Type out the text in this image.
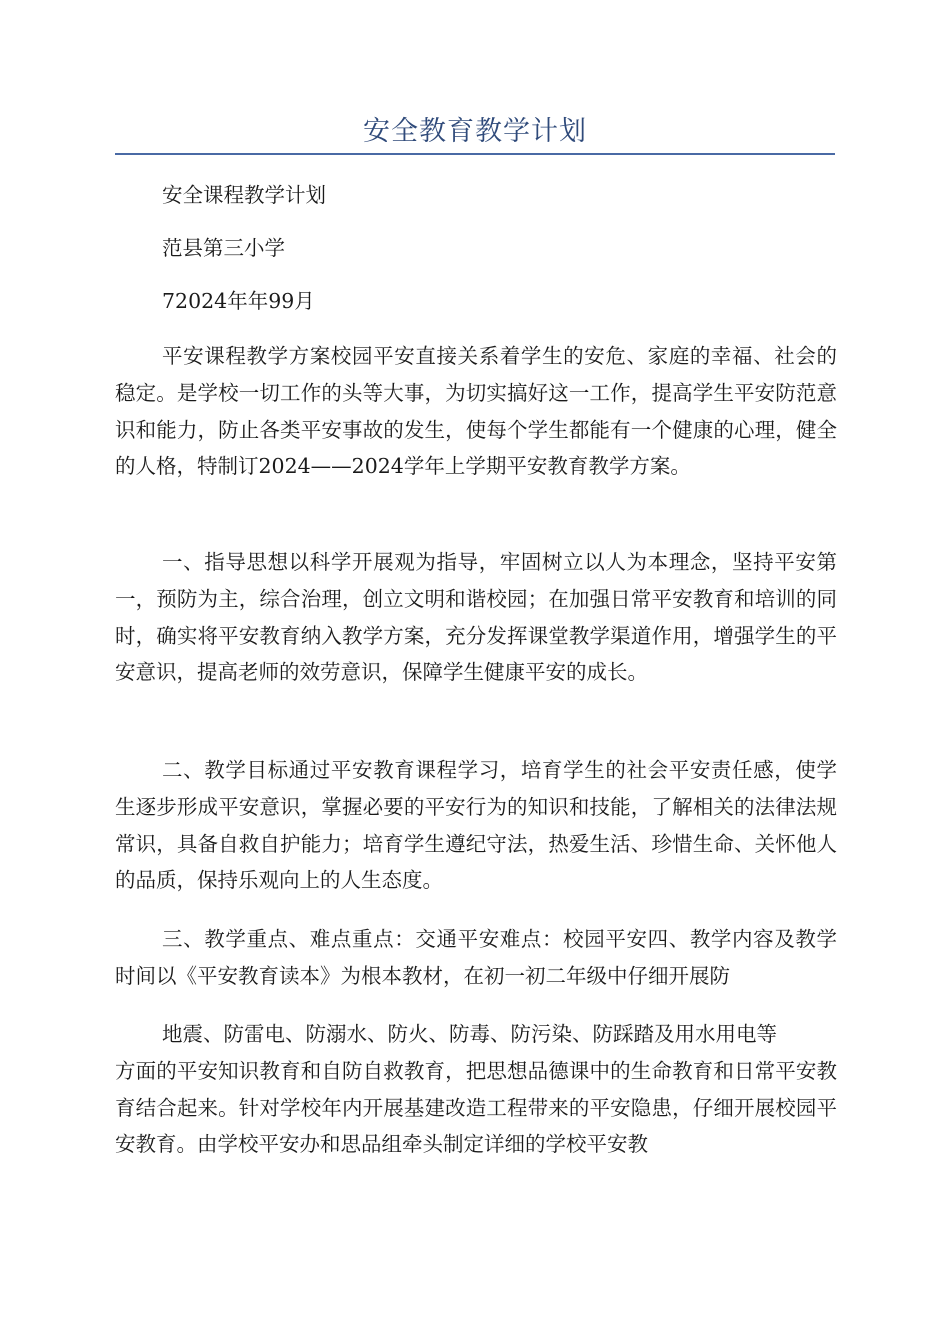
安全教育教学计划
安全课程教学计划
范县第三小学
72024年年99月

平安课程教学方案校园平安直接关系着学生的安危、家庭的幸福、社会的稳定。是学校一切工作的头等大事，为切实搞好这一工作，提高学生平安防范意识和能力，防止各类平安事故的发生，使每个学生都能有一个健康的心理，健全的人格，特制订2024——2024学年上学期平安教育教学方案。

一、指导思想以科学开展观为指导，牢固树立以人为本理念，坚持平安第一，预防为主，综合治理，创立文明和谐校园；在加强日常平安教育和培训的同时，确实将平安教育纳入教学方案，充分发挥课堂教学渠道作用，增强学生的平安意识，提高老师的效劳意识，保障学生健康平安的成长。

二、教学目标通过平安教育课程学习，培育学生的社会平安责任感，使学生逐步形成平安意识，掌握必要的平安行为的知识和技能，了解相关的法律法规常识，具备自救自护能力；培育学生遵纪守法，热爱生活、珍惜生命、关怀他人的品质，保持乐观向上的人生态度。

三、教学重点、难点重点：交通平安难点：校园平安四、教学内容及教学时间以《平安教育读本》为根本教材，在初一初二年级中仔细开展防

地震、防雷电、防溺水、防火、防毒、防污染、防踩踏及用水用电等
方面的平安知识教育和自防自救教育，把思想品德课中的生命教育和日常平安教育结合起来。针对学校年内开展基建改造工程带来的平安隐患，仔细开展校园平安教育。由学校平安办和思品组牵头制定详细的学校平安教
